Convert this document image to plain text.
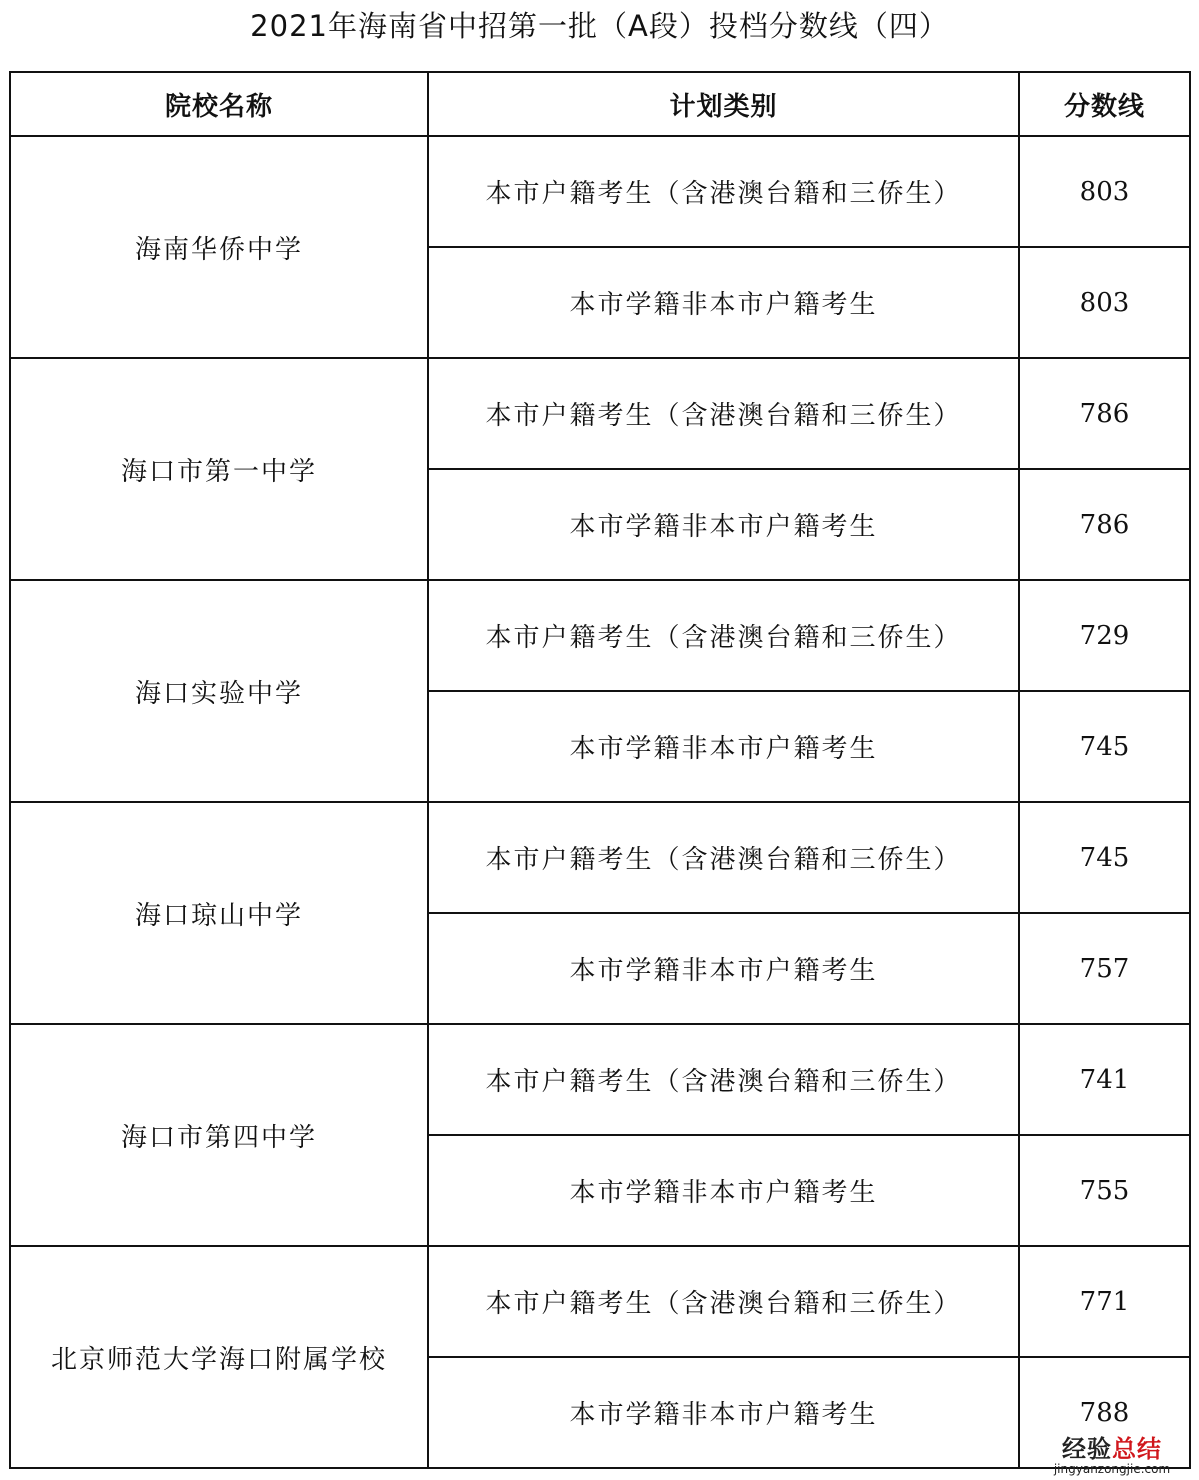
2021年海南省中招第一批（A段）投档分数线（四）
院校名称	计划类别	分数线
海南华侨中学	本市户籍考生（含港澳台籍和三侨生）	803
	本市学籍非本市户籍考生	803
海口市第一中学	本市户籍考生（含港澳台籍和三侨生）	786
	本市学籍非本市户籍考生	786
海口实验中学	本市户籍考生（含港澳台籍和三侨生）	729
	本市学籍非本市户籍考生	745
海口琼山中学	本市户籍考生（含港澳台籍和三侨生）	745
	本市学籍非本市户籍考生	757
海口市第四中学	本市户籍考生（含港澳台籍和三侨生）	741
	本市学籍非本市户籍考生	755
北京师范大学海口附属学校	本市户籍考生（含港澳台籍和三侨生）	771
	本市学籍非本市户籍考生	788
经验总结
jingyanzongjie.com
